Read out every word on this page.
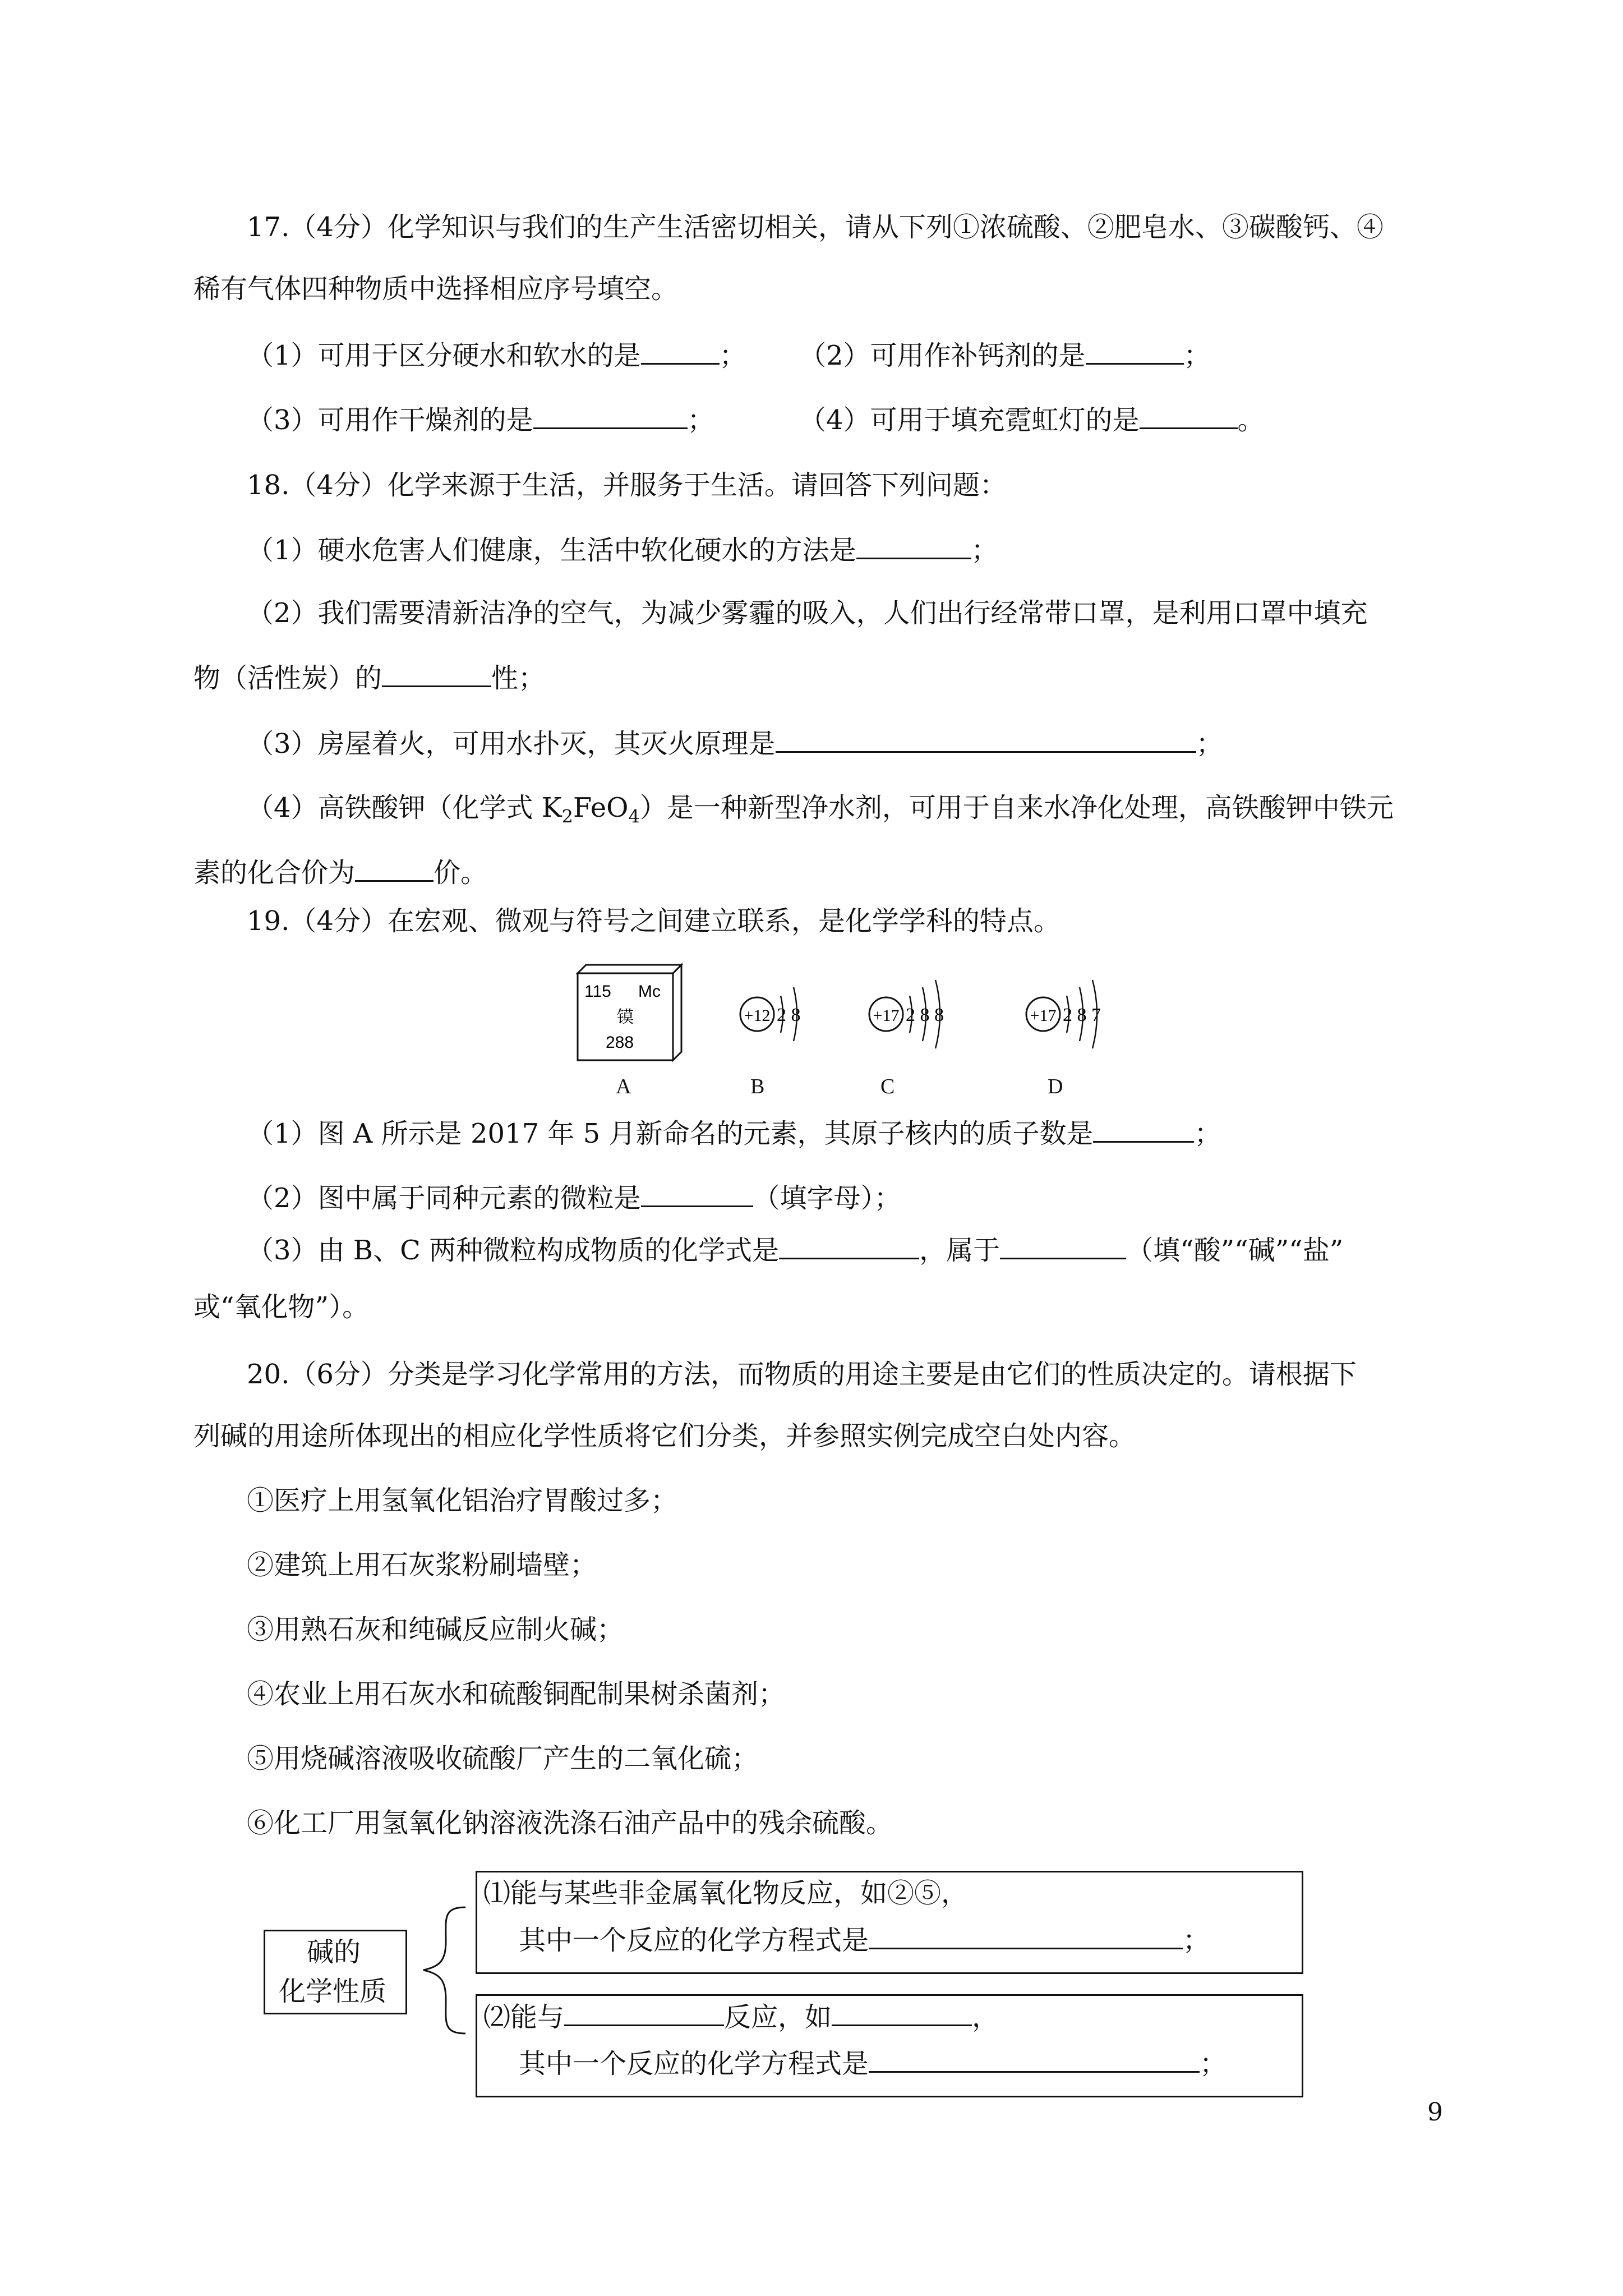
17.（4分）化学知识与我们的生产生活密切相关，请从下列①浓硫酸、②肥皂水、③碳酸钙、④
稀有气体四种物质中选择相应序号填空。
（1）可用于区分硬水和软水的是	； （2）可用作补钙剂的是	；
（3）可用作干燥剂的是	；	（4）可用于填充霓虹灯的是	。
18.（4分）化学来源于生活，并服务于生活。请回答下列问题：
（1）硬水危害人们健康，生活中软化硬水的方法是	；
（2）我们需要清新洁净的空气，为减少雾霾的吸入，人们出行经常带口罩，是利用口罩中填充
物（活性炭）的	性；
（3）房屋着火，可用水扑灭，其灭火原理是	；
（4）高铁酸钾（化学式 $K_2FeO_4$）是一种新型净水剂，可用于自来水净化处理，高铁酸钾中铁元
素的化合价为	价。
19.（4分）在宏观、微观与符号之间建立联系，是化学学科的特点。
115 Mc
镆
288
+12 2 8	+17 2 8 8	+17 2 8 7
A	B	C	D
（1）图 A 所示是 2017 年 5 月新命名的元素，其原子核内的质子数是	；
（2）图中属于同种元素的微粒是	（填字母）；
（3）由 B、C 两种微粒构成物质的化学式是	，属于	（填“酸”“碱”“盐”
或“氧化物”）。
20.（6分）分类是学习化学常用的方法，而物质的用途主要是由它们的性质决定的。请根据下
列碱的用途所体现出的相应化学性质将它们分类，并参照实例完成空白处内容。
①医疗上用氢氧化铝治疗胃酸过多；
②建筑上用石灰浆粉刷墙壁；
③用熟石灰和纯碱反应制火碱；
④农业上用石灰水和硫酸铜配制果树杀菌剂；
⑤用烧碱溶液吸收硫酸厂产生的二氧化硫；
⑥化工厂用氢氧化钠溶液洗涤石油产品中的残余硫酸。
碱的
化学性质
⑴能与某些非金属氧化物反应，如②⑤，
其中一个反应的化学方程式是	；
⑵能与	反应，如	，
其中一个反应的化学方程式是	；
9
